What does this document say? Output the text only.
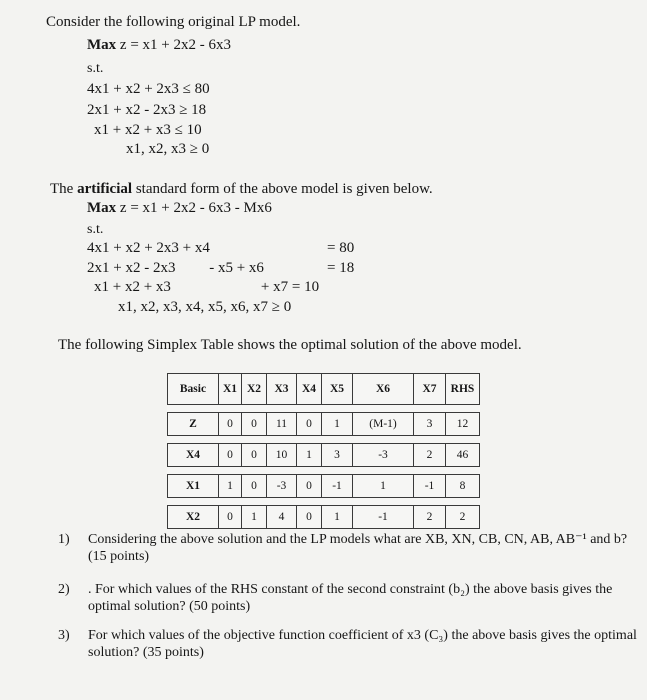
Consider the following original LP model.
Max z = x1 + 2x2 - 6x3
s.t.
4x1 + x2 + 2x3 ≤ 80
2x1 + x2 - 2x3 ≥ 18
x1 + x2 + x3 ≤ 10
x1, x2, x3 ≥ 0
The artificial standard form of the above model is given below.
Max z = x1 + 2x2 - 6x3 - Mx6
s.t.
4x1 + x2 + 2x3 + x4	= 80
2x1 + x2 - 2x3         - x5 + x6	= 18
x1 + x2 + x3                        + x7 = 10
x1, x2, x3, x4, x5, x6, x7 ≥ 0
The following Simplex Table shows the optimal solution of the above model.
Basic	X1	X2	X3	X4	X5	X6	X7	RHS

Z	0	0	11	0	1	(M-1)	3	12

X4	0	0	10	1	3	-3	2	46

X1	1	0	-3	0	-1	1	-1	8

X2	0	1	4	0	1	-1	2	2
1) Considering the above solution and the LP models what are XB, XN, CB, CN, AB, AB⁻¹ and b? (15 points)
2) . For which values of the RHS constant of the second constraint (b₂) the above basis gives the optimal solution? (50 points)
3) For which values of the objective function coefficient of x3 (C₃) the above basis gives the optimal solution? (35 points)
